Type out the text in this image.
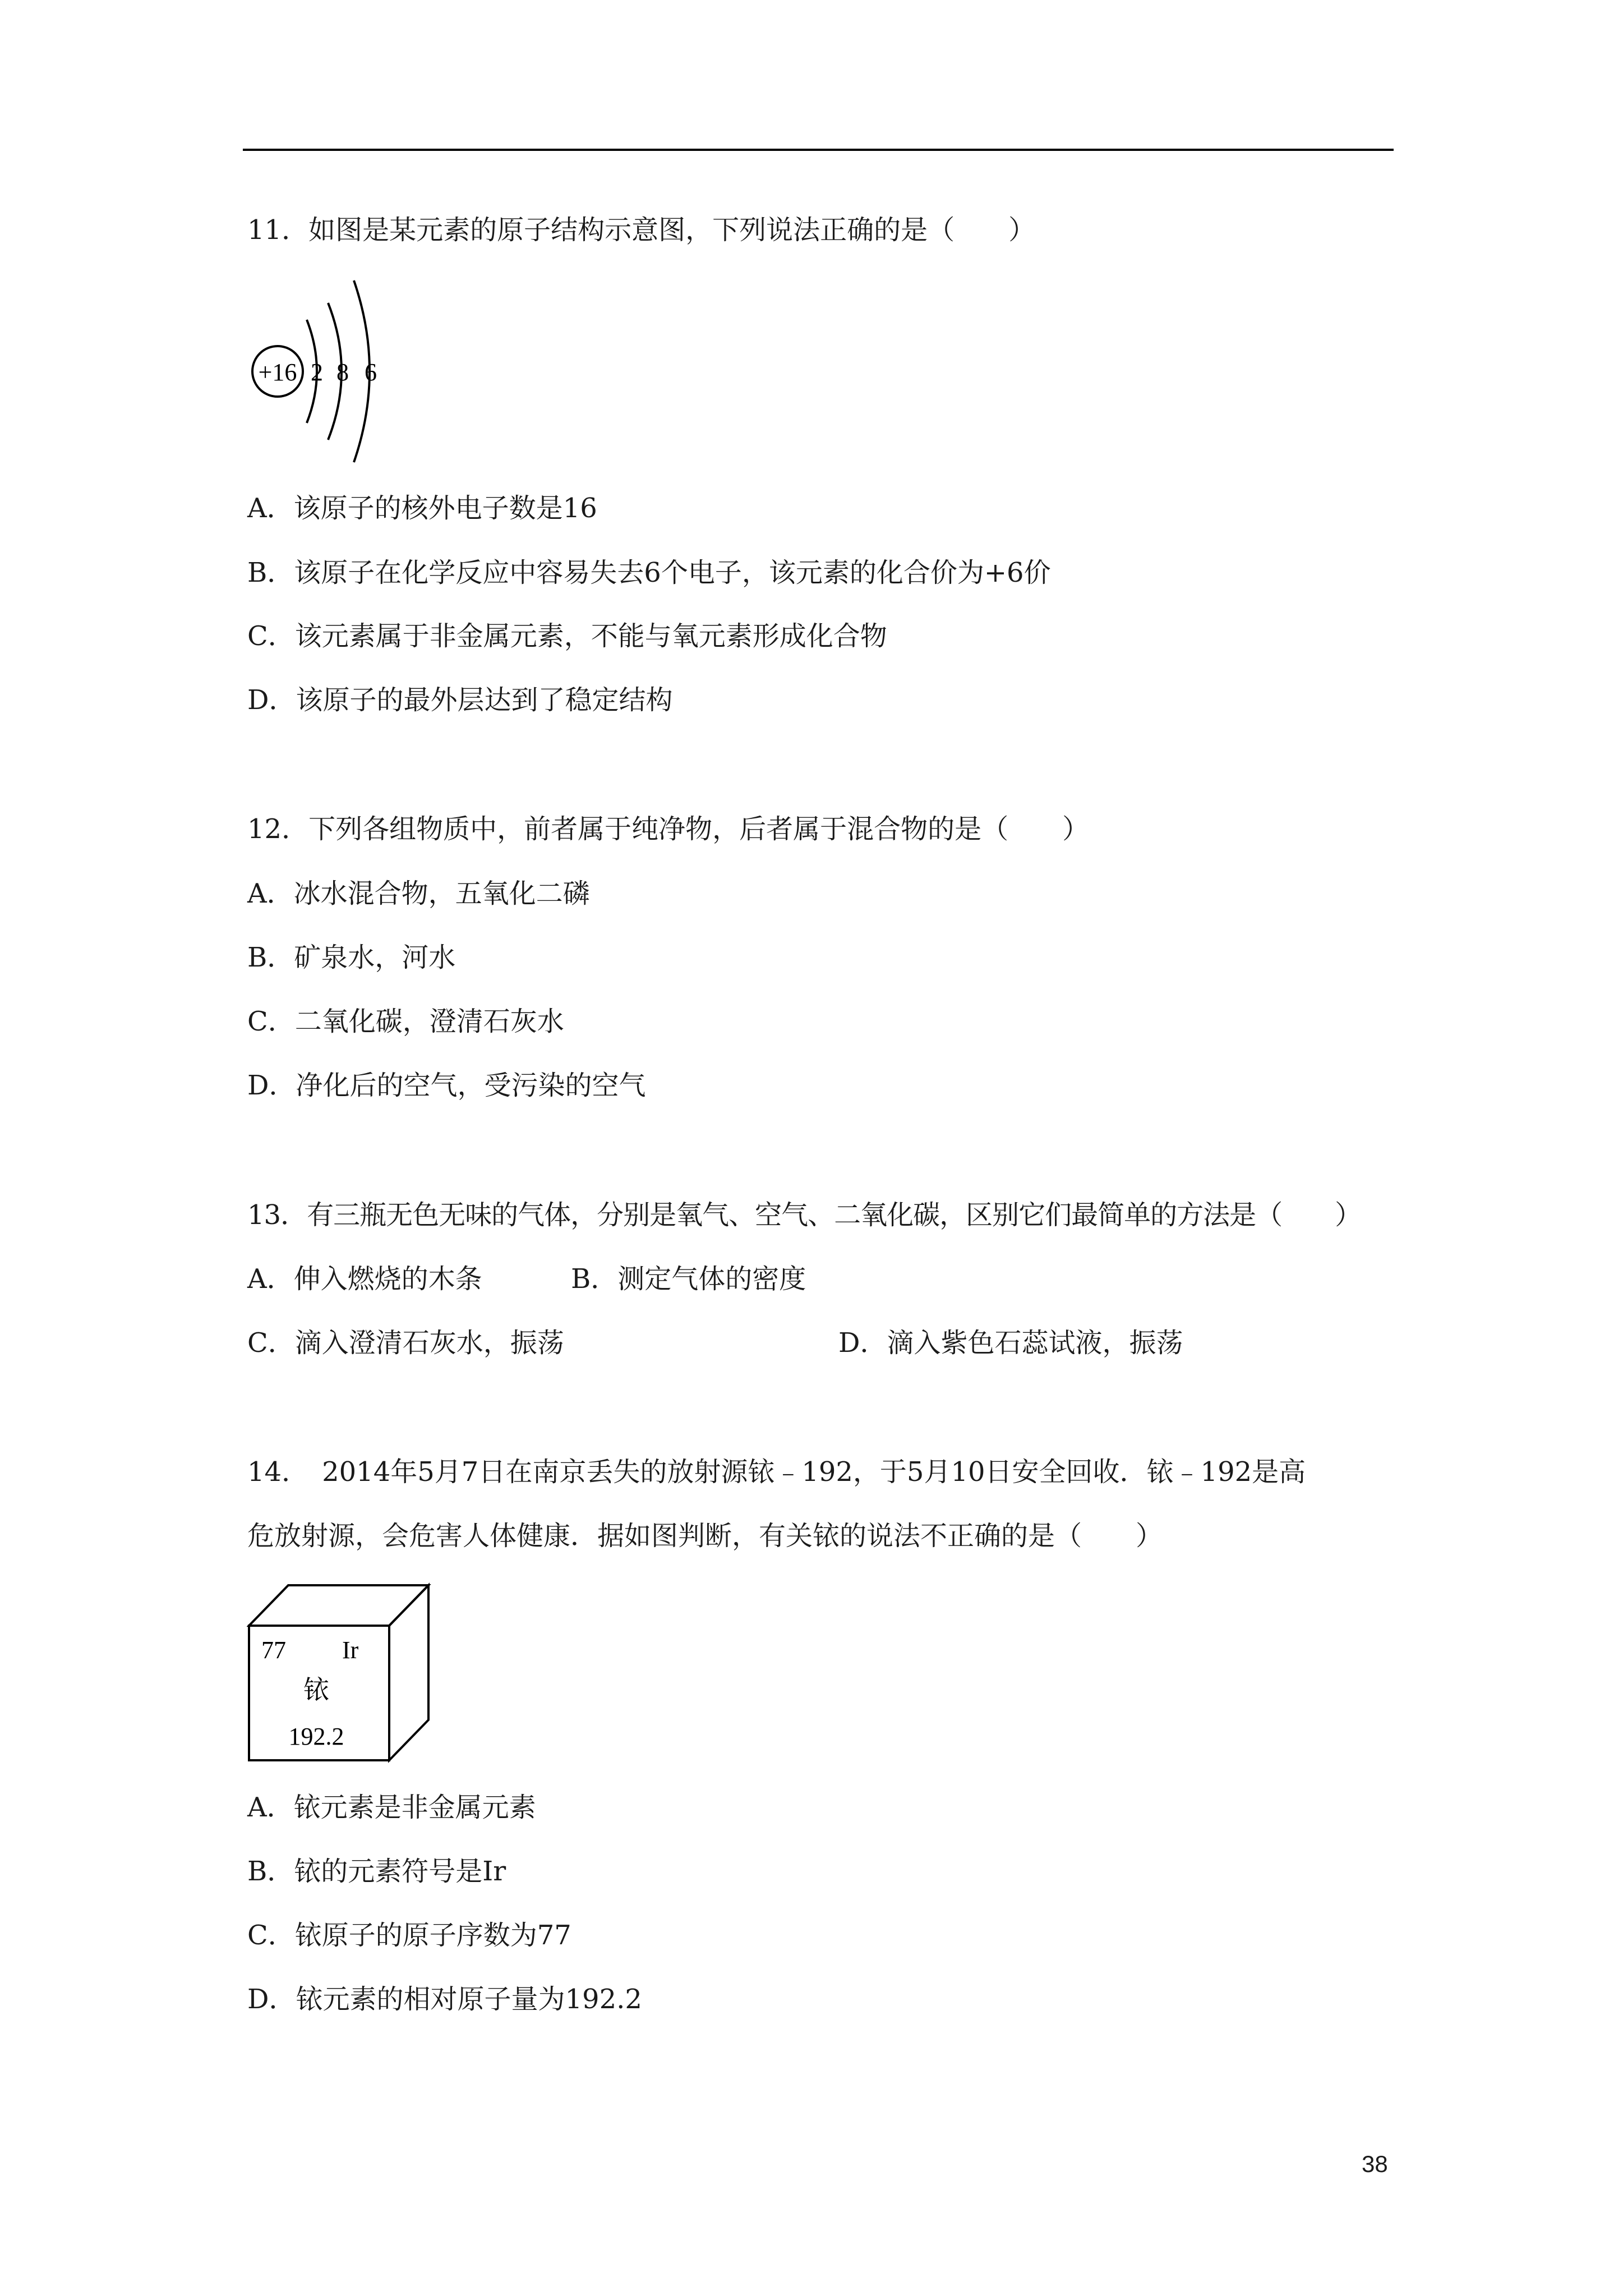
11．如图是某元素的原子结构示意图，下列说法正确的是（　　）
+16 2 8 6
A．该原子的核外电子数是16
B．该原子在化学反应中容易失去6个电子，该元素的化合价为+6价
C．该元素属于非金属元素，不能与氧元素形成化合物
D．该原子的最外层达到了稳定结构
12．下列各组物质中，前者属于纯净物，后者属于混合物的是（　　）
A．冰水混合物，五氧化二磷
B．矿泉水，河水
C．二氧化碳，澄清石灰水
D．净化后的空气，受污染的空气
13．有三瓶无色无味的气体，分别是氧气、空气、二氧化碳，区别它们最简单的方法是（　　）
A．伸入燃烧的木条	B．测定气体的密度
C．滴入澄清石灰水，振荡	D．滴入紫色石蕊试液，振荡
14．　2014年5月7日在南京丢失的放射源铱﹣192，于5月10日安全回收．铱﹣192是高
危放射源，会危害人体健康．据如图判断，有关铱的说法不正确的是（　　）
77 Ir
铱
192.2
A．铱元素是非金属元素
B．铱的元素符号是Ir
C．铱原子的原子序数为77
D．铱元素的相对原子量为192.2
38
